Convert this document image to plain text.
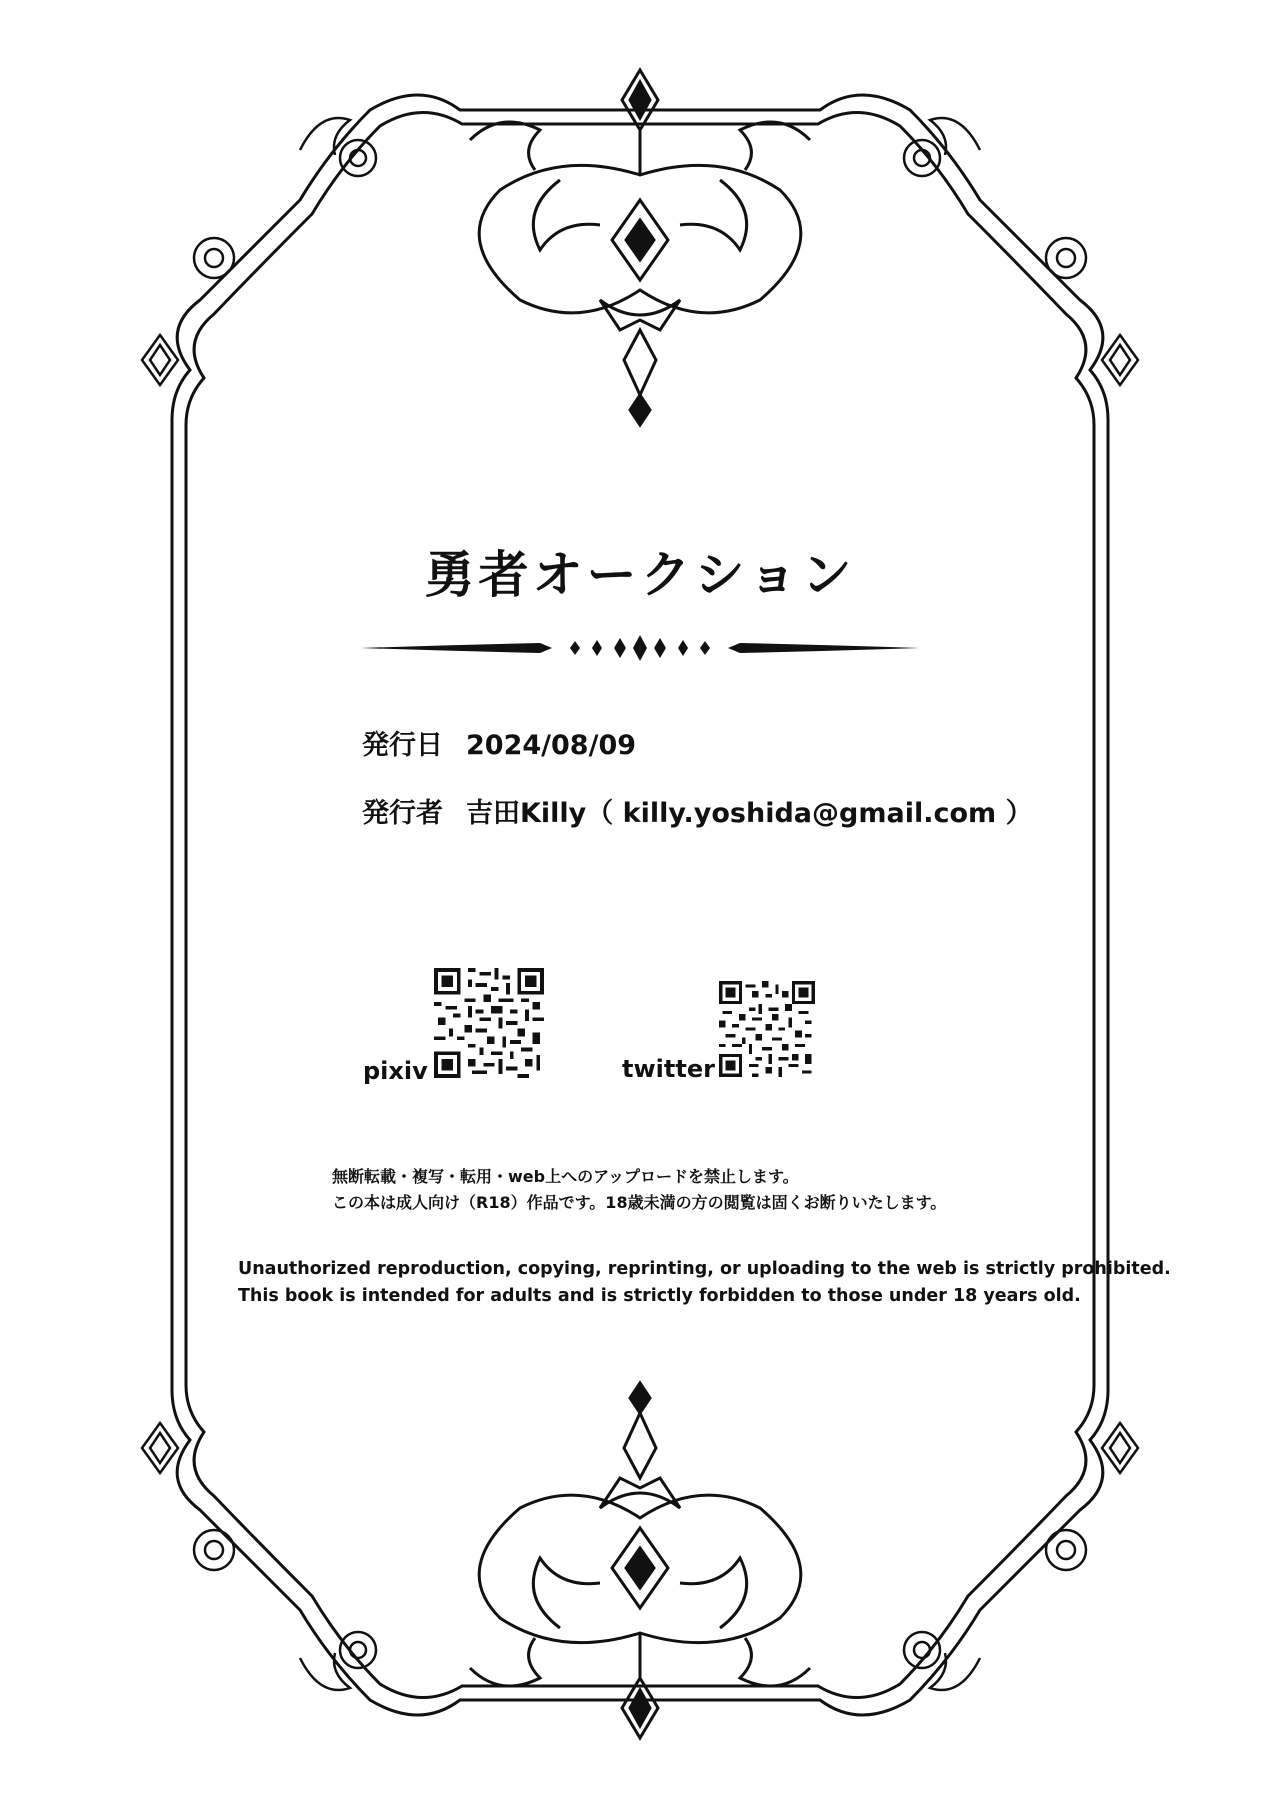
勇者オークション
発行日 2024/08/09
発行者 吉田Killy（ killy.yoshida@gmail.com ）
pixiv	twitter
無断転載・複写・転用・web上へのアップロードを禁止します。
この本は成人向け（R18）作品です。18歳未満の方の閲覧は固くお断りいたします。
Unauthorized reproduction, copying, reprinting, or uploading to the web is strictly prohibited.
This book is intended for adults and is strictly forbidden to those under 18 years old.
